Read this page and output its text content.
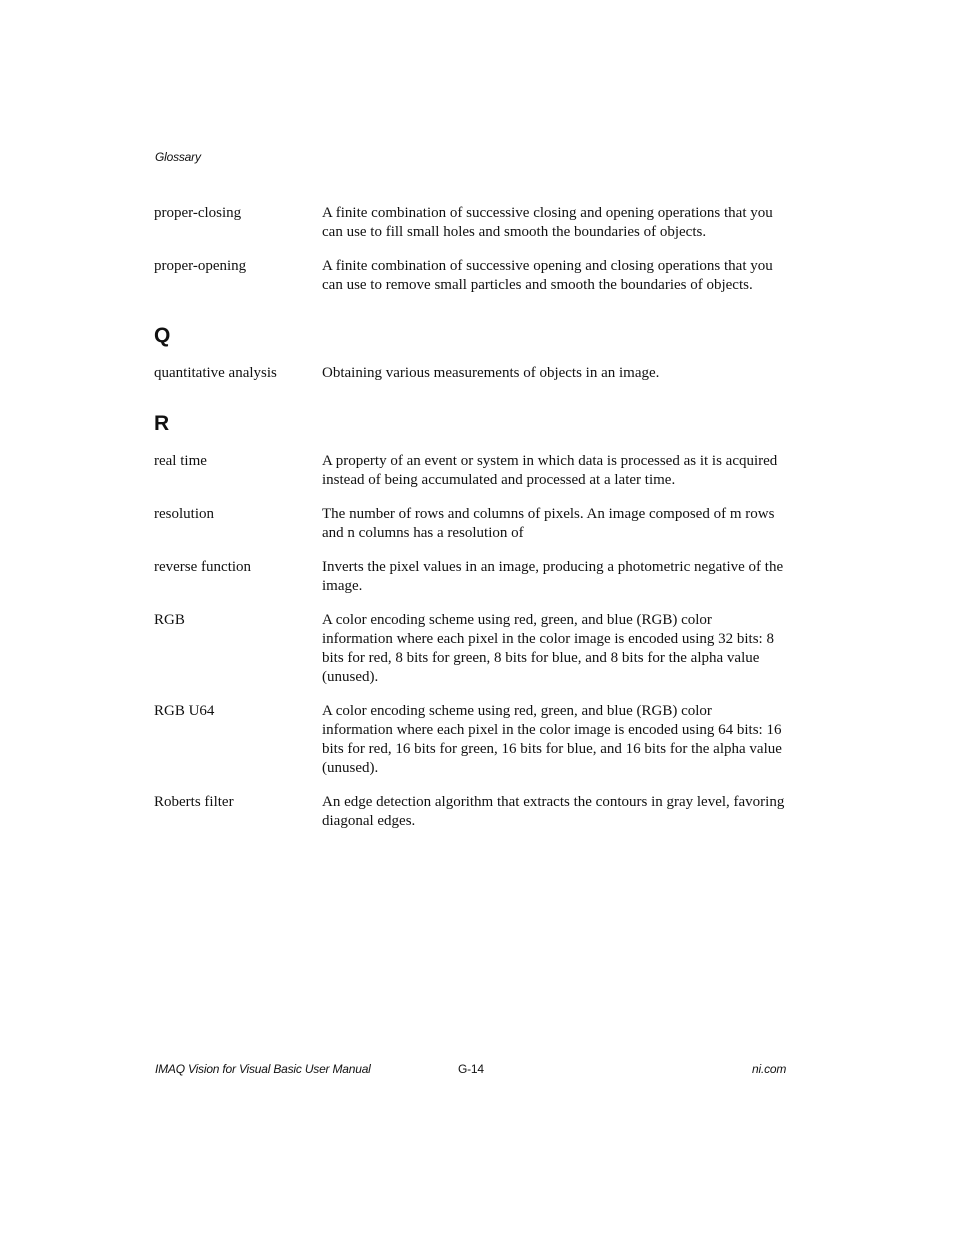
Glossary
proper-closing	A finite combination of successive closing and opening operations that you can use to fill small holes and smooth the boundaries of objects.
proper-opening	A finite combination of successive opening and closing operations that you can use to remove small particles and smooth the boundaries of objects.
Q
quantitative analysis	Obtaining various measurements of objects in an image.
R
real time	A property of an event or system in which data is processed as it is acquired instead of being accumulated and processed at a later time.
resolution	The number of rows and columns of pixels. An image composed of m rows and n columns has a resolution of
reverse function	Inverts the pixel values in an image, producing a photometric negative of the image.
RGB	A color encoding scheme using red, green, and blue (RGB) color information where each pixel in the color image is encoded using 32 bits: 8 bits for red, 8 bits for green, 8 bits for blue, and 8 bits for the alpha value (unused).
RGB U64	A color encoding scheme using red, green, and blue (RGB) color information where each pixel in the color image is encoded using 64 bits: 16 bits for red, 16 bits for green, 16 bits for blue, and 16 bits for the alpha value (unused).
Roberts filter	An edge detection algorithm that extracts the contours in gray level, favoring diagonal edges.
IMAQ Vision for Visual Basic User Manual	G-14	ni.com
